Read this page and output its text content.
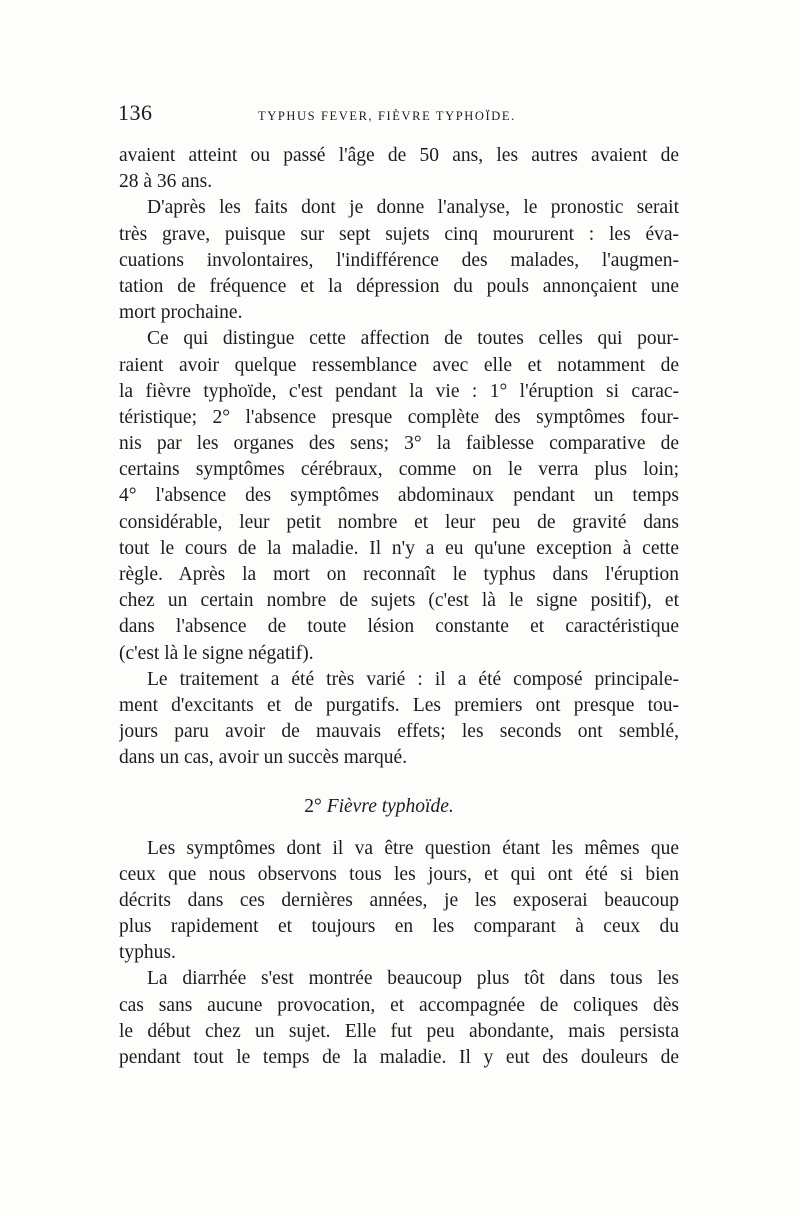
136	TYPHUS FEVER, FIÈVRE TYPHOÏDE.
avaient atteint ou passé l'âge de 50 ans, les autres avaient de
28 à 36 ans.
D'après les faits dont je donne l'analyse, le pronostic serait
très grave, puisque sur sept sujets cinq moururent : les éva-
cuations involontaires, l'indifférence des malades, l'augmen-
tation de fréquence et la dépression du pouls annonçaient une
mort prochaine.
Ce qui distingue cette affection de toutes celles qui pour-
raient avoir quelque ressemblance avec elle et notamment de
la fièvre typhoïde, c'est pendant la vie : 1° l'éruption si carac-
téristique; 2° l'absence presque complète des symptômes four-
nis par les organes des sens; 3° la faiblesse comparative de
certains symptômes cérébraux, comme on le verra plus loin;
4° l'absence des symptômes abdominaux pendant un temps
considérable, leur petit nombre et leur peu de gravité dans
tout le cours de la maladie. Il n'y a eu qu'une exception à cette
règle. Après la mort on reconnaît le typhus dans l'éruption
chez un certain nombre de sujets (c'est là le signe positif), et
dans l'absence de toute lésion constante et caractéristique
(c'est là le signe négatif).
Le traitement a été très varié : il a été composé principale-
ment d'excitants et de purgatifs. Les premiers ont presque tou-
jours paru avoir de mauvais effets; les seconds ont semblé,
dans un cas, avoir un succès marqué.
2° Fièvre typhoïde.
Les symptômes dont il va être question étant les mêmes que
ceux que nous observons tous les jours, et qui ont été si bien
décrits dans ces dernières années, je les exposerai beaucoup
plus rapidement et toujours en les comparant à ceux du
typhus.
La diarrhée s'est montrée beaucoup plus tôt dans tous les
cas sans aucune provocation, et accompagnée de coliques dès
le début chez un sujet. Elle fut peu abondante, mais persista
pendant tout le temps de la maladie. Il y eut des douleurs de
